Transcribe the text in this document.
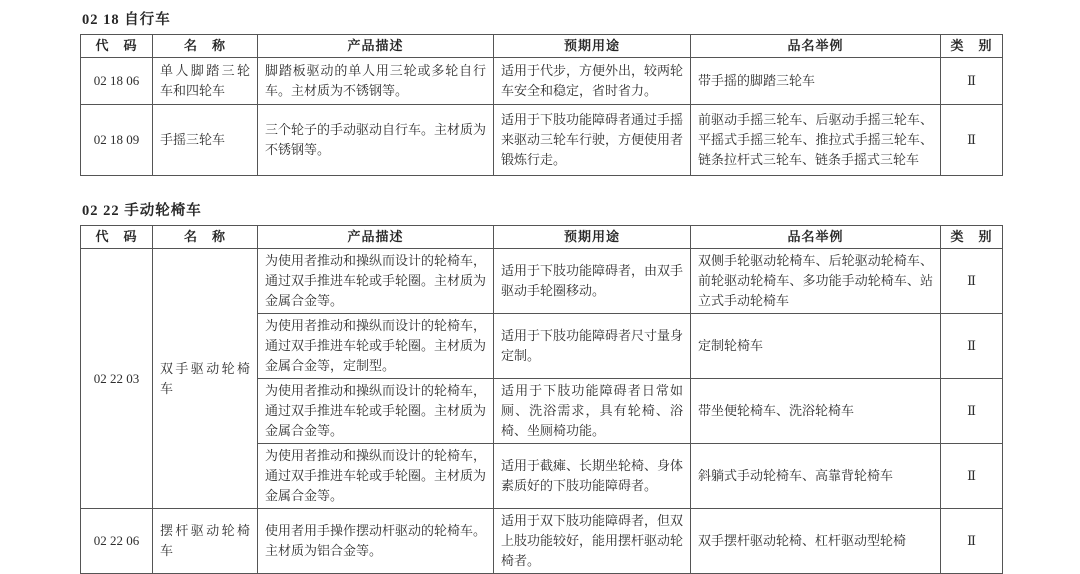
02 18 自行车
代　码	名　称	产品描述	预期用途	品名举例	类　别
02 18 06	单人脚踏三轮车和四轮车	脚踏板驱动的单人用三轮或多轮自行车。主材质为不锈钢等。	适用于代步，方便外出，较两轮车安全和稳定，省时省力。	带手摇的脚踏三轮车	Ⅱ
02 18 09	手摇三轮车	三个轮子的手动驱动自行车。主材质为不锈钢等。	适用于下肢功能障碍者通过手摇来驱动三轮车行驶，方便使用者锻炼行走。	前驱动手摇三轮车、后驱动手摇三轮车、平摇式手摇三轮车、推拉式手摇三轮车、链条拉杆式三轮车、链条手摇式三轮车	Ⅱ
02 22 手动轮椅车
代　码	名　称	产品描述	预期用途	品名举例	类　别
02 22 03	双手驱动轮椅车	为使用者推动和操纵而设计的轮椅车，通过双手推进车轮或手轮圈。主材质为金属合金等。	适用于下肢功能障碍者，由双手驱动手轮圈移动。	双侧手轮驱动轮椅车、后轮驱动轮椅车、前轮驱动轮椅车、多功能手动轮椅车、站立式手动轮椅车	Ⅱ
		为使用者推动和操纵而设计的轮椅车，通过双手推进车轮或手轮圈。主材质为金属合金等，定制型。	适用于下肢功能障碍者尺寸量身定制。	定制轮椅车	Ⅱ
		为使用者推动和操纵而设计的轮椅车，通过双手推进车轮或手轮圈。主材质为金属合金等。	适用于下肢功能障碍者日常如厕、洗浴需求，具有轮椅、浴椅、坐厕椅功能。	带坐便轮椅车、洗浴轮椅车	Ⅱ
		为使用者推动和操纵而设计的轮椅车，通过双手推进车轮或手轮圈。主材质为金属合金等。	适用于截瘫、长期坐轮椅、身体素质好的下肢功能障碍者。	斜躺式手动轮椅车、高靠背轮椅车	Ⅱ
02 22 06	摆杆驱动轮椅车	使用者用手操作摆动杆驱动的轮椅车。主材质为铝合金等。	适用于双下肢功能障碍者，但双上肢功能较好，能用摆杆驱动轮椅者。	双手摆杆驱动轮椅、杠杆驱动型轮椅	Ⅱ
